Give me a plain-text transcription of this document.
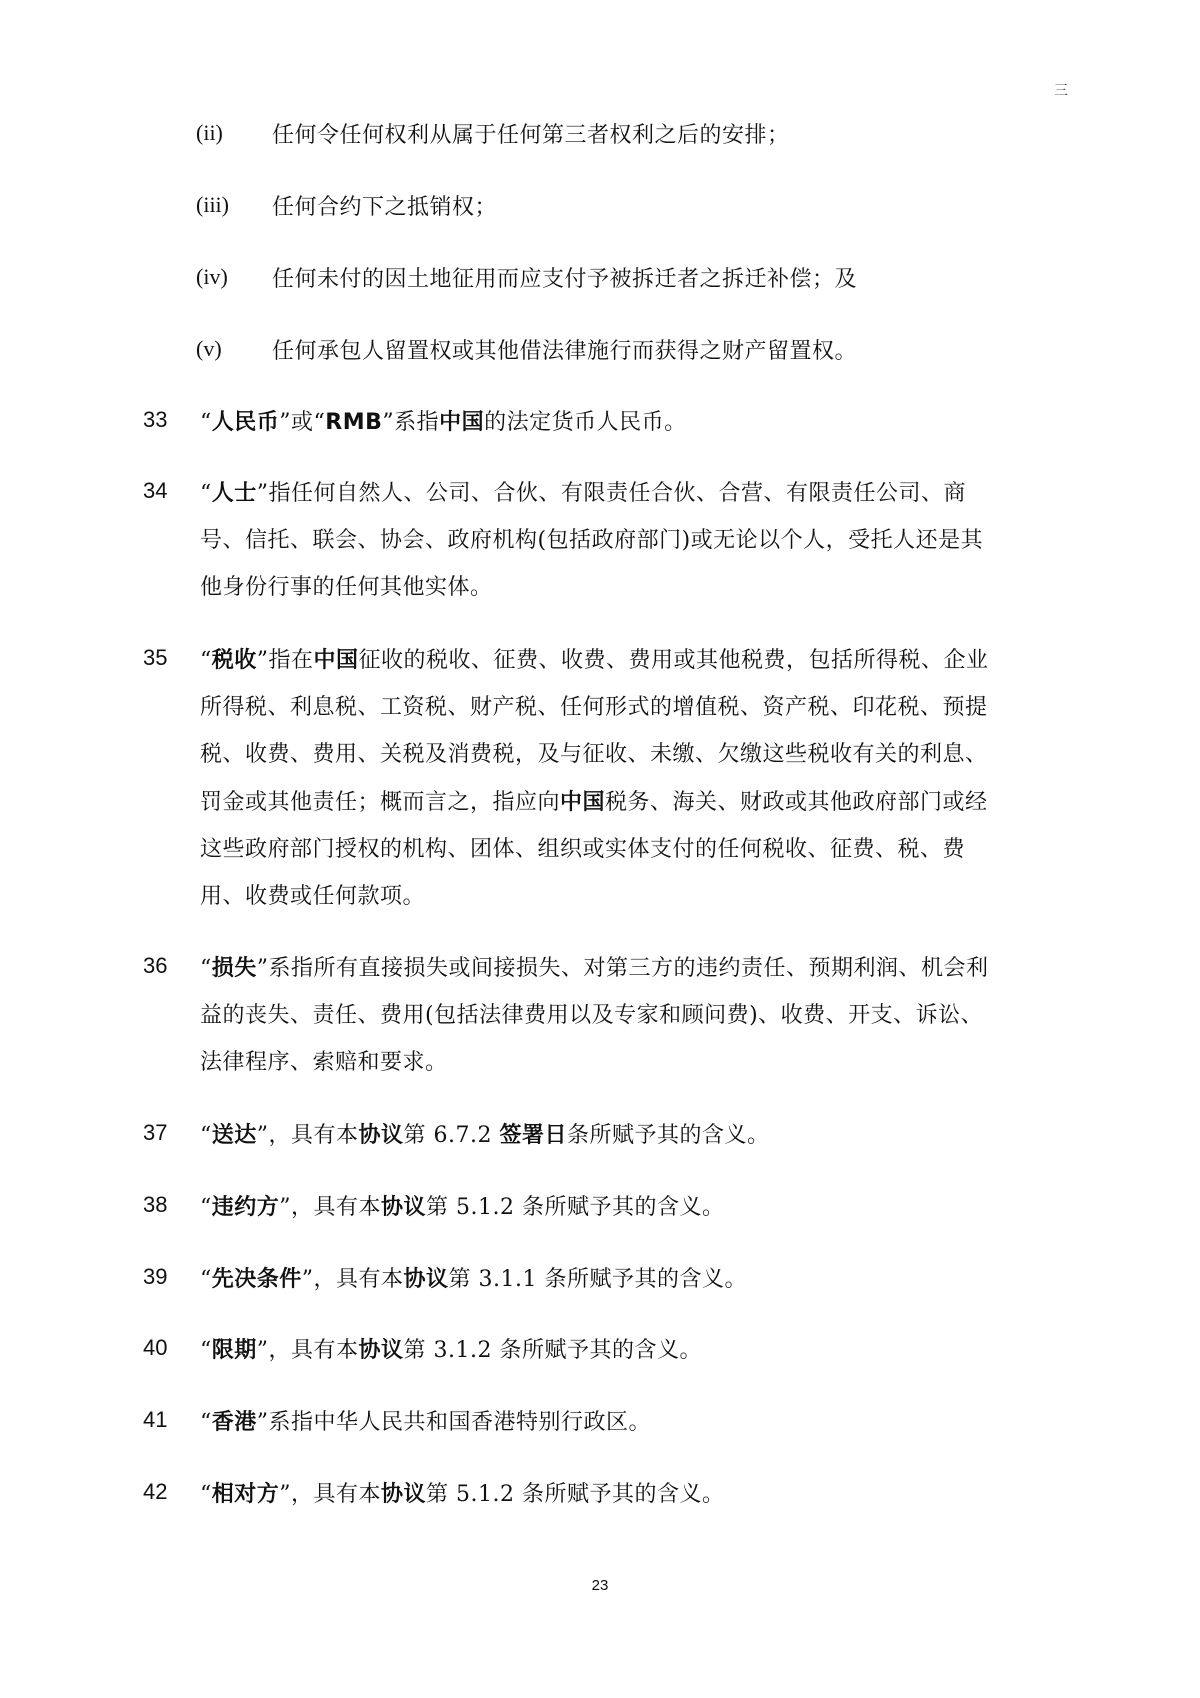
三
(ii) 任何令任何权利从属于任何第三者权利之后的安排；
(iii) 任何合约下之抵销权；
(iv) 任何未付的因土地征用而应支付予被拆迁者之拆迁补偿；及
(v) 任何承包人留置权或其他借法律施行而获得之财产留置权。
33 “人民币”或“RMB”系指中国的法定货币人民币。
34 “人士”指任何自然人、公司、合伙、有限责任合伙、合营、有限责任公司、商
号、信托、联会、协会、政府机构(包括政府部门)或无论以个人，受托人还是其
他身份行事的任何其他实体。
35 “税收”指在中国征收的税收、征费、收费、费用或其他税费，包括所得税、企业
所得税、利息税、工资税、财产税、任何形式的增值税、资产税、印花税、预提
税、收费、费用、关税及消费税，及与征收、未缴、欠缴这些税收有关的利息、
罚金或其他责任；概而言之，指应向中国税务、海关、财政或其他政府部门或经
这些政府部门授权的机构、团体、组织或实体支付的任何税收、征费、税、费
用、收费或任何款项。
36 “损失”系指所有直接损失或间接损失、对第三方的违约责任、预期利润、机会利
益的丧失、责任、费用(包括法律费用以及专家和顾问费)、收费、开支、诉讼、
法律程序、索赔和要求。
37 “送达”，具有本协议第 6.7.2 签署日条所赋予其的含义。
38 “违约方”，具有本协议第 5.1.2 条所赋予其的含义。
39 “先决条件”，具有本协议第 3.1.1 条所赋予其的含义。
40 “限期”，具有本协议第 3.1.2 条所赋予其的含义。
41 “香港”系指中华人民共和国香港特别行政区。
42 “相对方”，具有本协议第 5.1.2 条所赋予其的含义。
23
